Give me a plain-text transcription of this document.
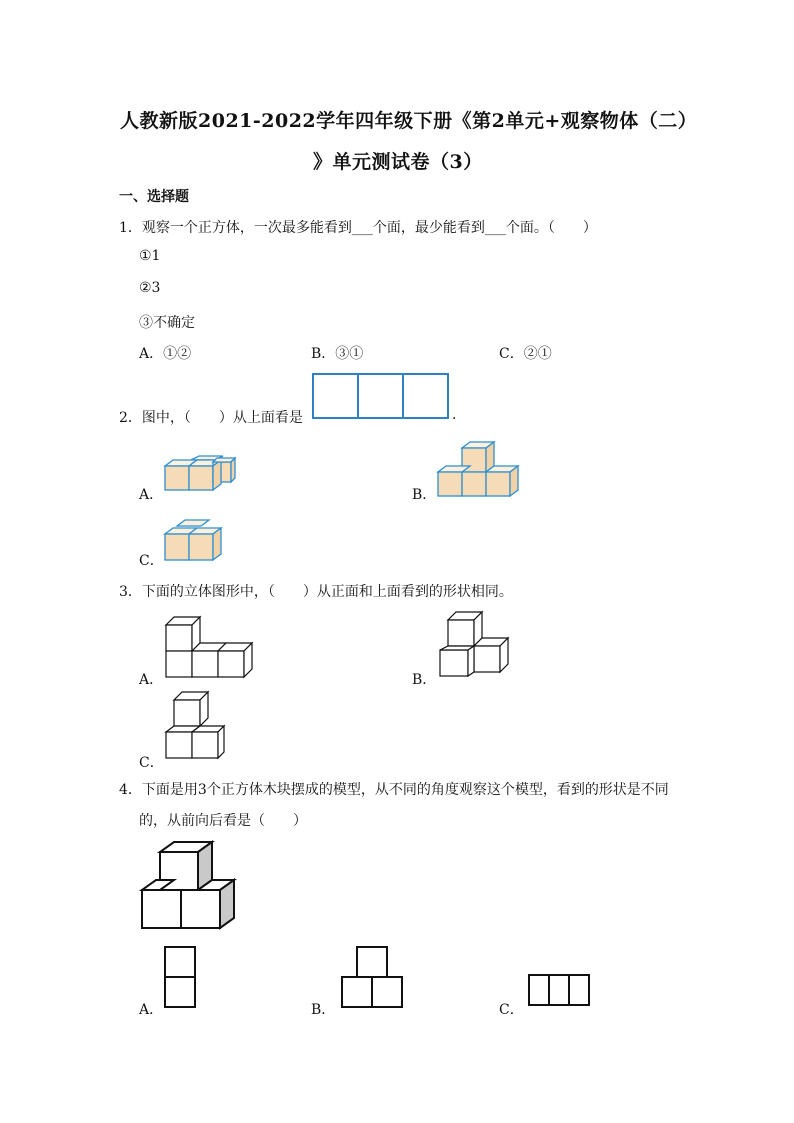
人教新版2021-2022学年四年级下册《第2单元+观察物体（二）
》单元测试卷（3）
一、选择题
1．观察一个正方体，一次最多能看到___个面，最少能看到___个面。（　　）
①1
②3
③不确定
A．①②	B．③①	C．②①
2．图中，（　　）从上面看是	.
A．	B．
C．
3．下面的立体图形中，（　　）从正面和上面看到的形状相同。
A．	B．
C．
4．下面是用3个正方体木块摆成的模型，从不同的角度观察这个模型，看到的形状是不同
的，从前向后看是（　　）
A．	B．	C．
